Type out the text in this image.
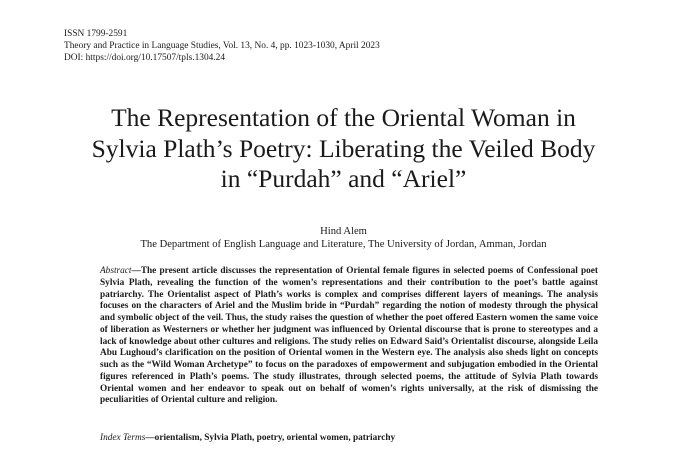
ISSN 1799-2591
Theory and Practice in Language Studies, Vol. 13, No. 4, pp. 1023-1030, April 2023
DOI: https://doi.org/10.17507/tpls.1304.24
The Representation of the Oriental Woman in
Sylvia Plath’s Poetry: Liberating the Veiled Body
in “Purdah” and “Ariel”
Hind Alem
The Department of English Language and Literature, The University of Jordan, Amman, Jordan

Abstract—The present article discusses the representation of Oriental female figures in selected poems of Confessional poet Sylvia Plath, revealing the function of the women’s representations and their contribution to the poet’s battle against patriarchy. The Orientalist aspect of Plath’s works is complex and comprises different layers of meanings. The analysis focuses on the characters of Ariel and the Muslim bride in “Purdah” regarding the notion of modesty through the physical and symbolic object of the veil. Thus, the study raises the question of whether the poet offered Eastern women the same voice of liberation as Westerners or whether her judgment was influenced by Oriental discourse that is prone to stereotypes and a lack of knowledge about other cultures and religions. The study relies on Edward Said’s Orientalist discourse, alongside Leila Abu Lughoud’s clarification on the position of Oriental women in the Western eye. The analysis also sheds light on concepts such as the “Wild Woman Archetype” to focus on the paradoxes of empowerment and subjugation embodied in the Oriental figures referenced in Plath’s poems. The study illustrates, through selected poems, the attitude of Sylvia Plath towards Oriental women and her endeavor to speak out on behalf of women’s rights universally, at the risk of dismissing the peculiarities of Oriental culture and religion.

Index Terms—orientalism, Sylvia Plath, poetry, oriental women, patriarchy
